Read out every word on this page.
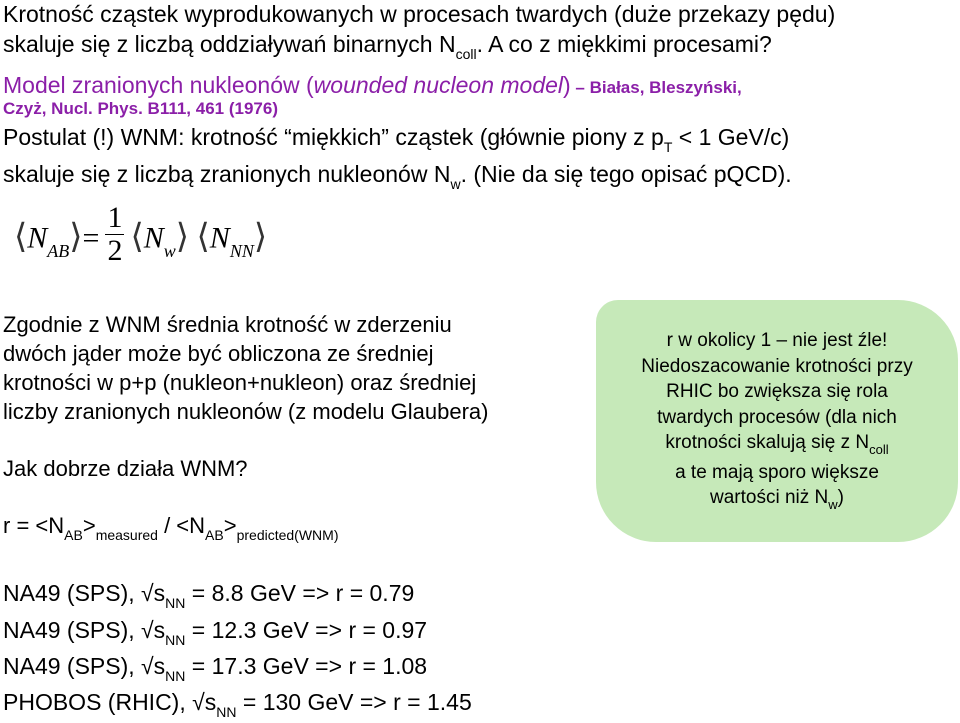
Krotność cząstek wyprodukowanych w procesach twardych (duże przekazy pędu)
skaluje się z liczbą oddziaływań binarnych $N_{coll}$. A co z miękkimi procesami?
Model zranionych nukleonów (wounded nucleon model) – Białas, Bleszyński,
Czyż, Nucl. Phys. B111, 461 (1976)
Postulat (!) WNM: krotność “miękkich” cząstek (głównie piony z $p_T < 1$ GeV/c)
skaluje się z liczbą zranionych nukleonów $N_w$. (Nie da się tego opisać pQCD).
$⟨N_{AB}⟩= \frac{1}{2}$ $⟨N_w⟩$ $⟨N_{NN}⟩$
Zgodnie z WNM średnia krotność w zderzeniu
dwóch jąder może być obliczona ze średniej
krotności w p+p (nukleon+nukleon) oraz średniej
liczby zranionych nukleonów (z modelu Glaubera)
Jak dobrze działa WNM?
$r = <N_{AB}>_{measured} / <N_{AB}>_{predicted(WNM)}$
NA49 (SPS), $√s_{NN} = 8.8$ GeV => r = 0.79
NA49 (SPS), $√s_{NN} = 12.3$ GeV => r = 0.97
NA49 (SPS), $√s_{NN} = 17.3$ GeV => r = 1.08
PHOBOS (RHIC), $√s_{NN} = 130$ GeV => r = 1.45
r w okolicy 1 – nie jest źle!
Niedoszacowanie krotności przy
RHIC bo zwiększa się rola
twardych procesów (dla nich
krotności skalują się z $N_{coll}$
a te mają sporo większe
wartości niż $N_w$)
